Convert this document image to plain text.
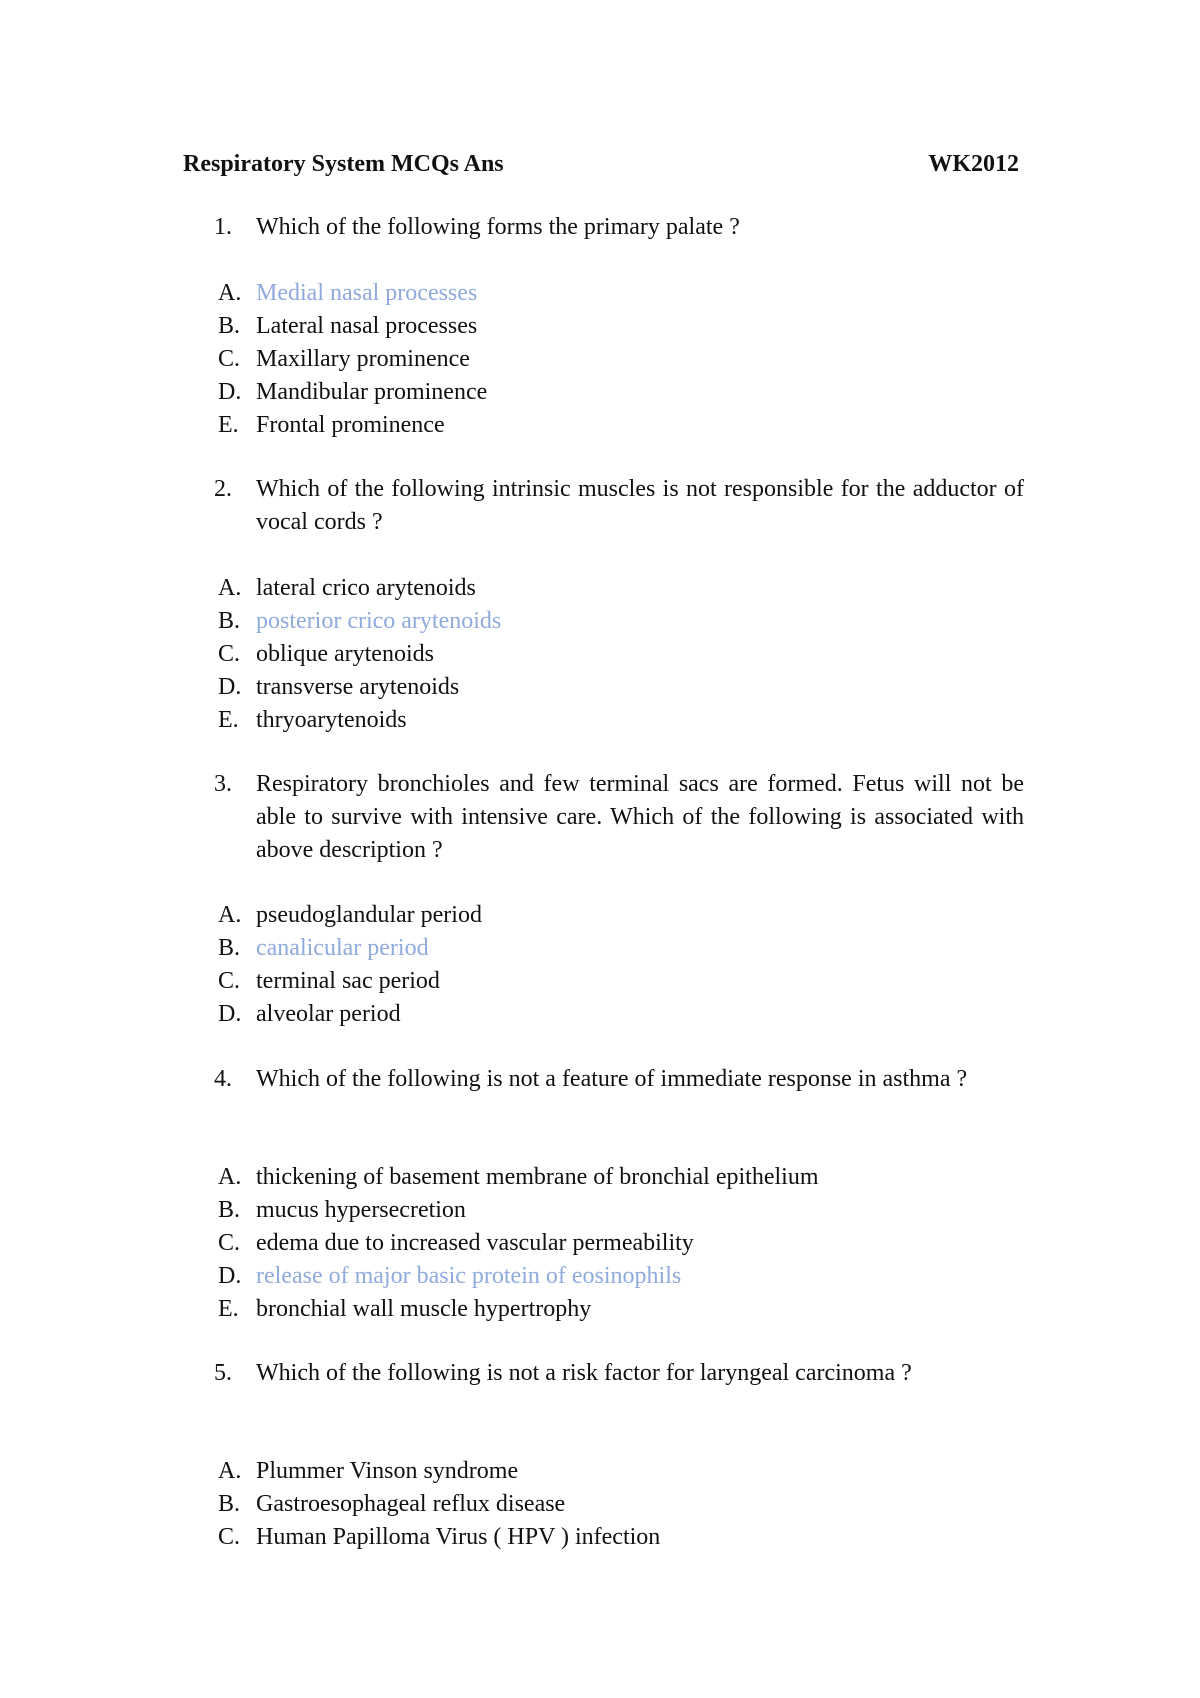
Respiratory System MCQs Ans	WK2012
1. Which of the following forms the primary palate ?
A. Medial nasal processes
B. Lateral nasal processes
C. Maxillary prominence
D. Mandibular prominence
E. Frontal prominence
2. Which of the following intrinsic muscles is not responsible for the adductor of vocal cords ?
A. lateral crico arytenoids
B. posterior crico arytenoids
C. oblique arytenoids
D. transverse arytenoids
E. thryoarytenoids
3. Respiratory bronchioles and few terminal sacs are formed. Fetus will not be able to survive with intensive care. Which of the following is associated with above description ?
A. pseudoglandular period
B. canalicular period
C. terminal sac period
D. alveolar period
4. Which of the following is not a feature of immediate response in asthma ?
A. thickening of basement membrane of bronchial epithelium
B. mucus hypersecretion
C. edema due to increased vascular permeability
D. release of major basic protein of eosinophils
E. bronchial wall muscle hypertrophy
5. Which of the following is not a risk factor for laryngeal carcinoma ?
A. Plummer Vinson syndrome
B. Gastroesophageal reflux disease
C. Human Papilloma Virus ( HPV ) infection
